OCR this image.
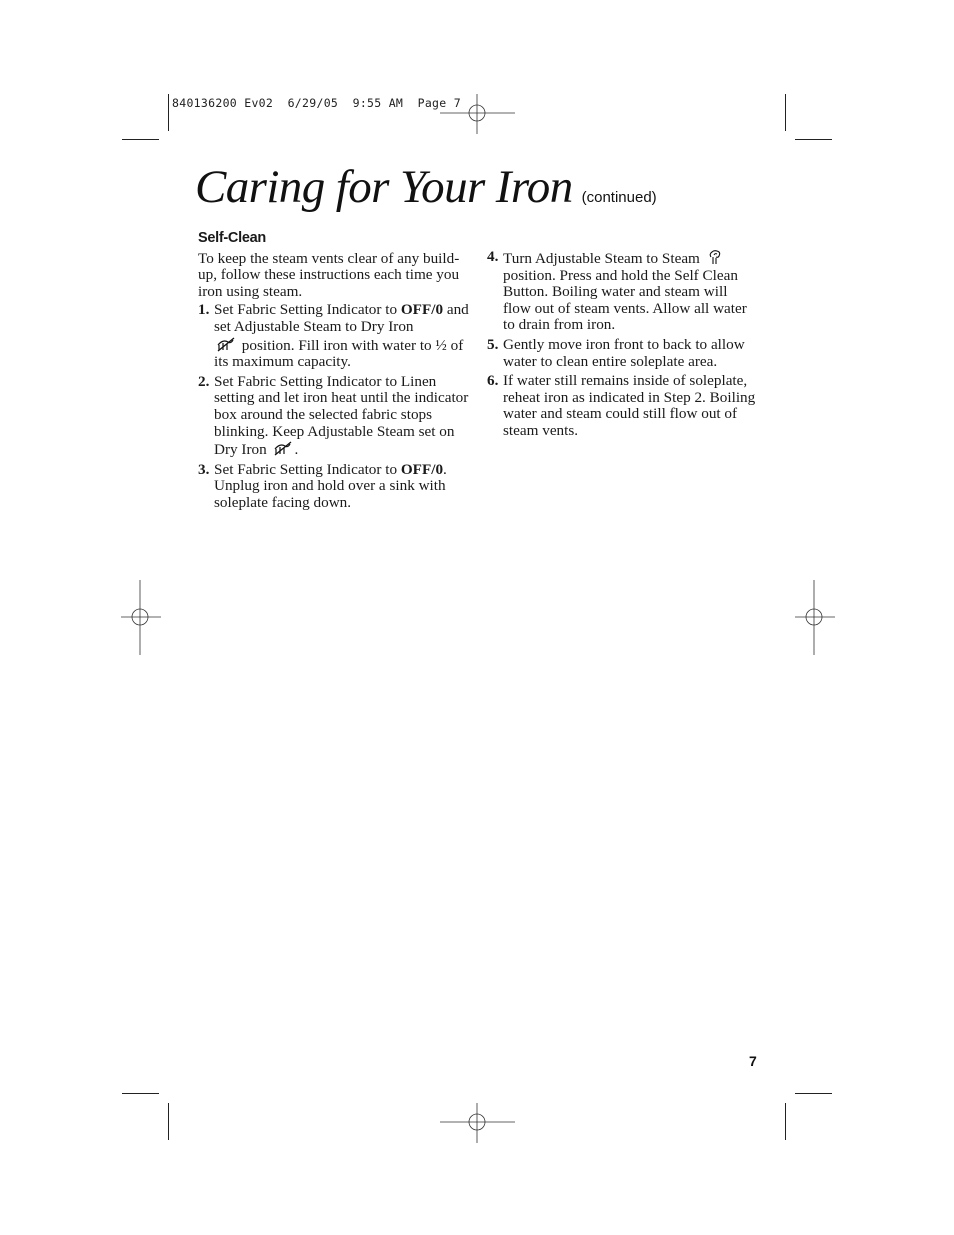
840136200 Ev02  6/29/05  9:55 AM  Page 7
Caring for Your Iron (continued)
Self-Clean
To keep the steam vents clear of any build-up, follow these instructions each time you iron using steam.
1. Set Fabric Setting Indicator to OFF/0 and set Adjustable Steam to Dry Iron
position. Fill iron with water to ½ of its maximum capacity.
2. Set Fabric Setting Indicator to Linen setting and let iron heat until the indicator box around the selected fabric stops blinking. Keep Adjustable Steam set on Dry Iron .
3. Set Fabric Setting Indicator to OFF/0. Unplug iron and hold over a sink with soleplate facing down.
4. Turn Adjustable Steam to Steam  position. Press and hold the Self Clean Button. Boiling water and steam will flow out of steam vents. Allow all water to drain from iron.
5. Gently move iron front to back to allow water to clean entire soleplate area.
6. If water still remains inside of soleplate, reheat iron as indicated in Step 2. Boiling water and steam could still flow out of steam vents.
7
